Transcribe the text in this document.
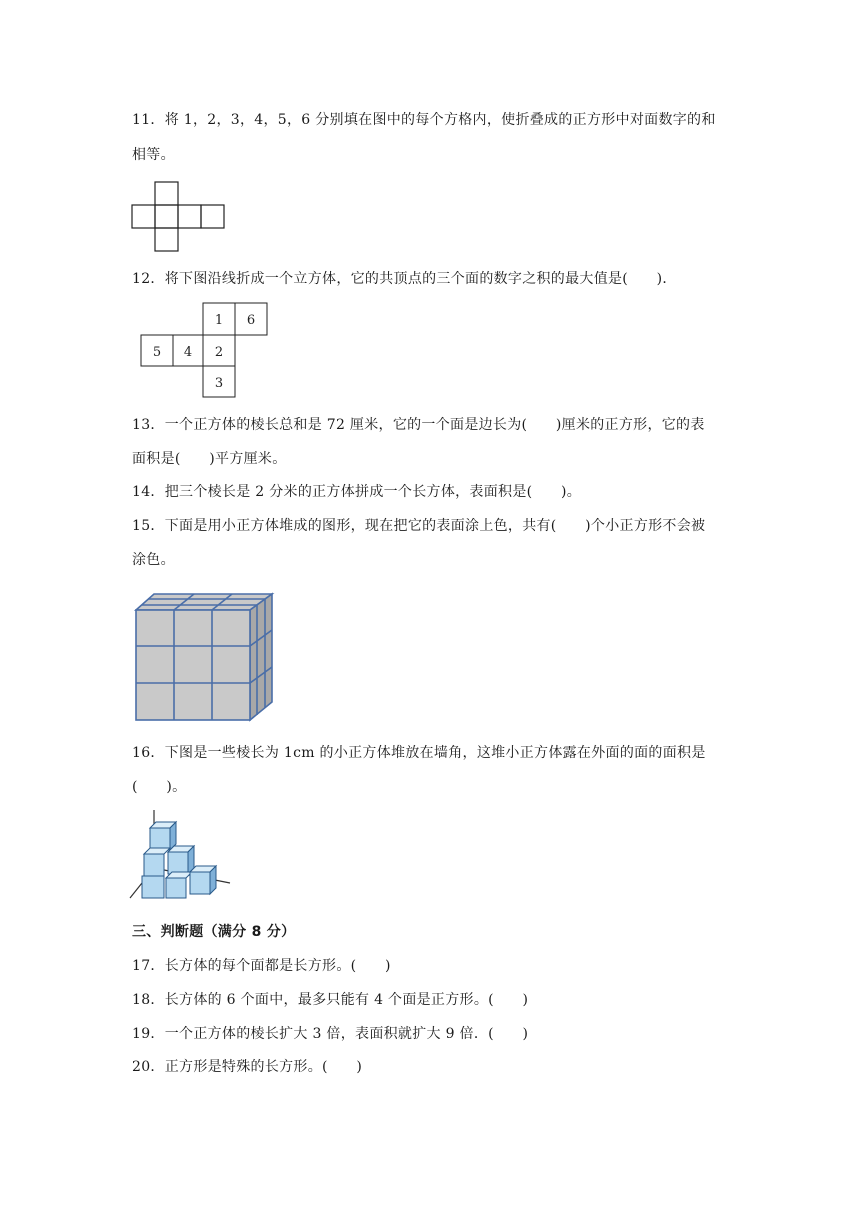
11．将 1，2，3，4，5，6 分别填在图中的每个方格内，使折叠成的正方形中对面数字的和
相等。
12．将下图沿线折成一个立方体，它的共顶点的三个面的数字之积的最大值是(　　)．
1 6
5 4 2
3
13．一个正方体的棱长总和是 72 厘米，它的一个面是边长为(　　)厘米的正方形，它的表
面积是(　　)平方厘米。
14．把三个棱长是 2 分米的正方体拼成一个长方体，表面积是(　　)。
15．下面是用小正方体堆成的图形，现在把它的表面涂上色，共有(　　)个小正方形不会被
涂色。
16．下图是一些棱长为 1cm 的小正方体堆放在墙角，这堆小正方体露在外面的面的面积是
(　　)。
三、判断题（满分 8 分）
17．长方体的每个面都是长方形。(　　)
18．长方体的 6 个面中，最多只能有 4 个面是正方形。(　　)
19．一个正方体的棱长扩大 3 倍，表面积就扩大 9 倍．(　　)
20．正方形是特殊的长方形。(　　)
